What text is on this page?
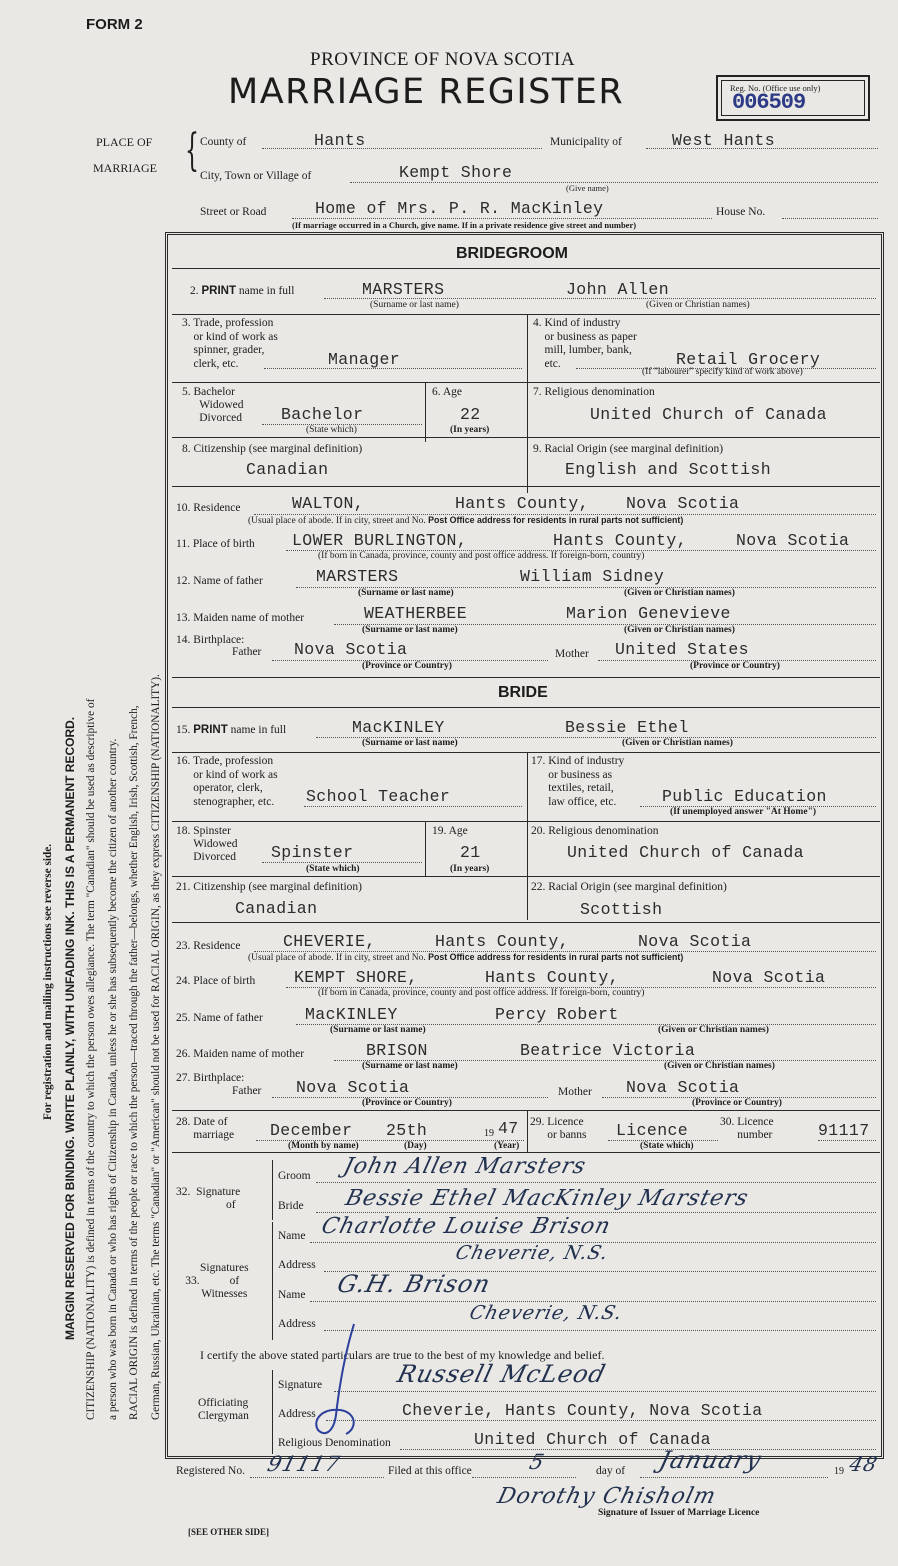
FORM 2
PROVINCE OF NOVA SCOTIA
MARRIAGE REGISTER	Reg. No. (Office use only)
006509
PLACE OF
MARRIAGE { County of	Hants	Municipality of	West Hants
City, Town or Village of	Kempt Shore
(Give name)
Street or Road	Home of Mrs. P. R. MacKinley	House No.
(If marriage occurred in a Church, give name. If in a private residence give street and number)
For registration and mailing instructions see reverse side. MARGIN RESERVED FOR BINDING. WRITE PLAINLY, WITH UNFADING INK. THIS IS A PERMANENT RECORD. CITIZENSHIP (NATIONALITY) is defined in terms of the country to which the person owes allegiance. The term "Canadian" should be used as descriptive of a person who was born in Canada or who has rights of Citizenship in Canada, unless he or she has subsequently become the citizen of another country. RACIAL ORIGIN is defined in terms of the people or race to which the person—traced through the father—belongs, whether English, Irish, Scottish, French, German, Russian, Ukrainian, etc. The terms "Canadian" or "American" should not be used for RACIAL ORIGIN, as they express CITIZENSHIP (NATIONALITY).
BRIDEGROOM
2. PRINT name in full	MARSTERS	John Allen
(Surname or last name)	(Given or Christian names)
3. Trade, profession
or kind of work as
spinner, grader,
clerk, etc.	Manager
4. Kind of industry
or business as paper
mill, lumber, bank,
etc.	Retail Grocery
(If "labourer" specify kind of work above)
5. Bachelor
Widowed
Divorced Bachelor
(State which)
6. Age
22
(In years)
7. Religious denomination
United Church of Canada
8. Citizenship (see marginal definition)
Canadian
9. Racial Origin (see marginal definition)
English and Scottish
10. Residence	WALTON,	Hants County, Nova Scotia
(Usual place of abode. If in city, street and No. Post Office address for residents in rural parts not sufficient)
11. Place of birth LOWER BURLINGTON,	Hants County,	Nova Scotia
(If born in Canada, province, county and post office address. If foreign-born, country)
12. Name of father	MARSTERS	William Sidney
(Surname or last name)	(Given or Christian names)
13. Maiden name of mother	WEATHERBEE	Marion Genevieve
(Surname or last name)	(Given or Christian names)
14. Birthplace:
Father Nova Scotia	Mother United States
(Province or Country)	(Province or Country)
BRIDE
15. PRINT name in full	MacKINLEY	Bessie Ethel
(Surname or last name)	(Given or Christian names)
16. Trade, profession
or kind of work as
operator, clerk,
stenographer, etc. School Teacher
17. Kind of industry
or business as
textiles, retail,
law office, etc.	Public Education
(If unemployed answer "At Home")
18. Spinster
Widowed
Divorced Spinster
(State which)
19. Age
21
(In years)
20. Religious denomination
United Church of Canada
21. Citizenship (see marginal definition)
Canadian
22. Racial Origin (see marginal definition)
Scottish
23. Residence	CHEVERIE,	Hants County,	Nova Scotia
(Usual place of abode. If in city, street and No. Post Office address for residents in rural parts not sufficient)
24. Place of birth KEMPT SHORE,	Hants County,	Nova Scotia
(If born in Canada, province, county and post office address. If foreign-born, country)
25. Name of father	MacKINLEY	Percy Robert
(Surname or last name)	(Given or Christian names)
26. Maiden name of mother	BRISON	Beatrice Victoria
(Surname or last name)	(Given or Christian names)
27. Birthplace:
Father Nova Scotia	Mother Nova Scotia
(Province or Country)	(Province or Country)
28. Date of
marriage December 25th	19 47
(Month by name)	(Day)	(Year)
29. Licence
or banns Licence
(State which)
30. Licence
number	91117
32. Signature
of
Groom John Allen Marsters
Bride Bessie Ethel MacKinley Marsters
Signatures
33.	of
Witnesses
Name Charlotte Louise Brison
Address
Cheverie, N.S.
Name G.H. Brison
Address	Cheverie, N.S.
I certify the above stated particulars are true to the best of my knowledge and belief.
Officiating
Clergyman
Signature	Russell McLeod
Address	Cheverie, Hants County, Nova Scotia
Religious Denomination	United Church of Canada
Registered No. 91117	Filed at this office	5	day of January	19 48
Dorothy Chisholm
Signature of Issuer of Marriage Licence
[SEE OTHER SIDE]
